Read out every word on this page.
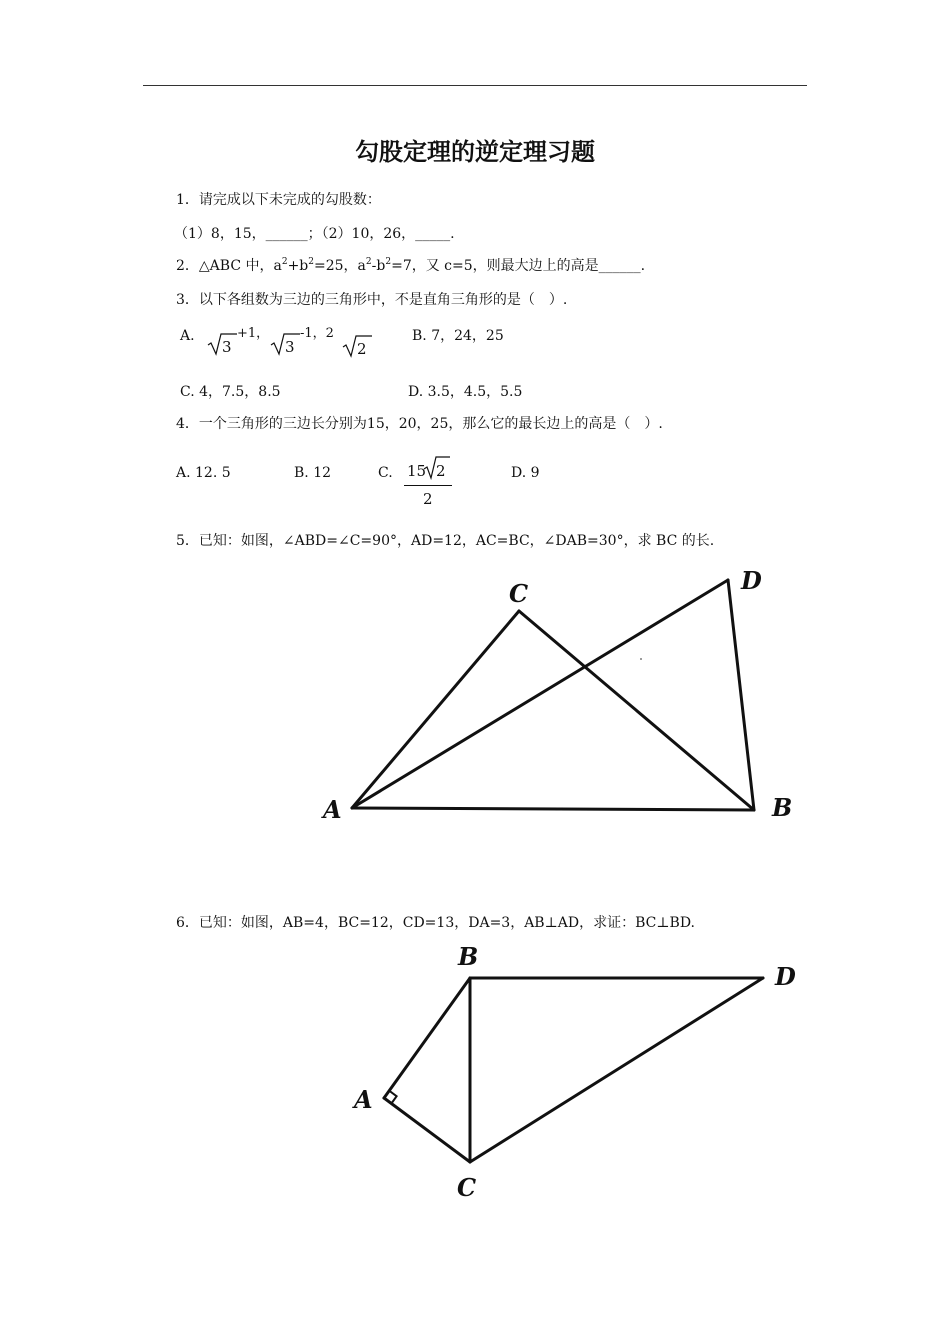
勾股定理的逆定理习题
1．请完成以下未完成的勾股数：
（1）8，15，______；（2）10，26，_____.
2．△ABC 中，$a^2+b^2=25$，$a^2-b^2=7$，又 c=5，则最大边上的高是______.
3．以下各组数为三边的三角形中，不是直角三角形的是（　）.
A.
3
+1，
3
-1，2
2
B. 7，24，25
C. 4，7.5，8.5	D. 3.5，4.5，5.5
4．一个三角形的三边长分别为15，20，25，那么它的最长边上的高是（　）.
A. 12. 5	B. 12	C. 15 2
2
D. 9
5．已知：如图，∠ABD=∠C=90°，AD=12，AC=BC，∠DAB=30°，求 BC 的长.
A	B
C	D
6．已知：如图，AB=4，BC=12，CD=13，DA=3，AB⊥AD，求证：BC⊥BD.
B
D
A
C
